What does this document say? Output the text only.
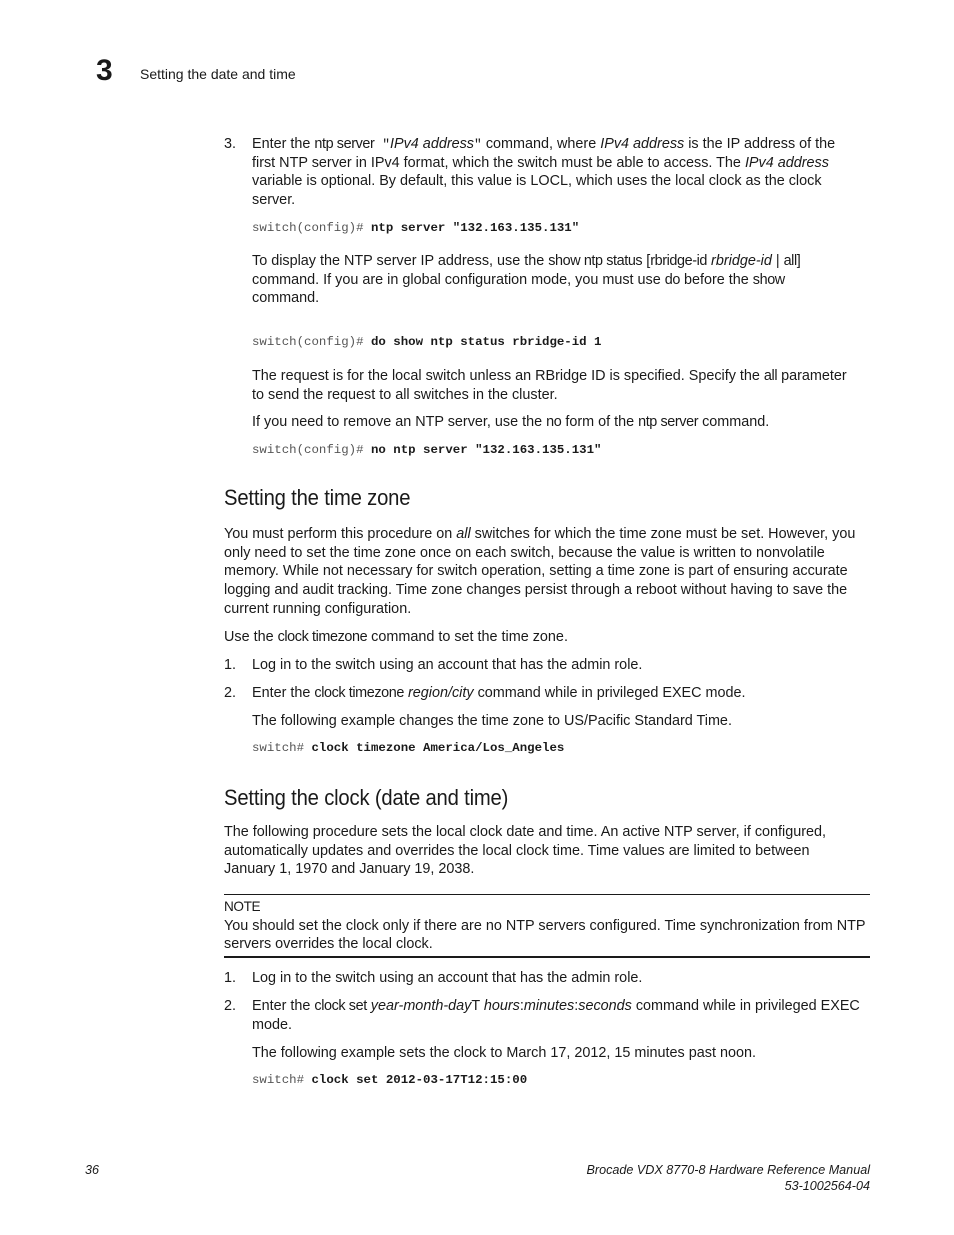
3 Setting the date and time
3. Enter the ntp server "IPv4 address" command, where IPv4 address is the IP address of the

first NTP server in IPv4 format, which the switch must be able to access. The IPv4 address

variable is optional. By default, this value is LOCL, which uses the local clock as the clock

server.

switch(config)# ntp server "132.163.135.131"

To display the NTP server IP address, use the show ntp status [rbridge-id rbridge-id | all]

command. If you are in global configuration mode, you must use do before the show

command.

switch(config)# do show ntp status rbridge-id 1

The request is for the local switch unless an RBridge ID is specified. Specify the all parameter

to send the request to all switches in the cluster.

If you need to remove an NTP server, use the no form of the ntp server command.

switch(config)# no ntp server "132.163.135.131"
Setting the time zone

You must perform this procedure on all switches for which the time zone must be set. However, you

only need to set the time zone once on each switch, because the value is written to nonvolatile

memory. While not necessary for switch operation, setting a time zone is part of ensuring accurate

logging and audit tracking. Time zone changes persist through a reboot without having to save the

current running configuration.

Use the clock timezone command to set the time zone.

1. Log in to the switch using an account that has the admin role.
2. Enter the clock timezone region/city command while in privileged EXEC mode.

The following example changes the time zone to US/Pacific Standard Time.
switch# clock timezone America/Los_Angeles
Setting the clock (date and time)

The following procedure sets the local clock date and time. An active NTP server, if configured,

automatically updates and overrides the local clock time. Time values are limited to between

January 1, 1970 and January 19, 2038.

NOTE

You should set the clock only if there are no NTP servers configured. Time synchronization from NTP

servers overrides the local clock.

1. Log in to the switch using an account that has the admin role.
2. Enter the clock set year-month-dayT hours:minutes:seconds command while in privileged EXEC

mode.

The following example sets the clock to March 17, 2012, 15 minutes past noon.
switch# clock set 2012-03-17T12:15:00
36	Brocade VDX 8770-8 Hardware Reference Manual
53-1002564-04
